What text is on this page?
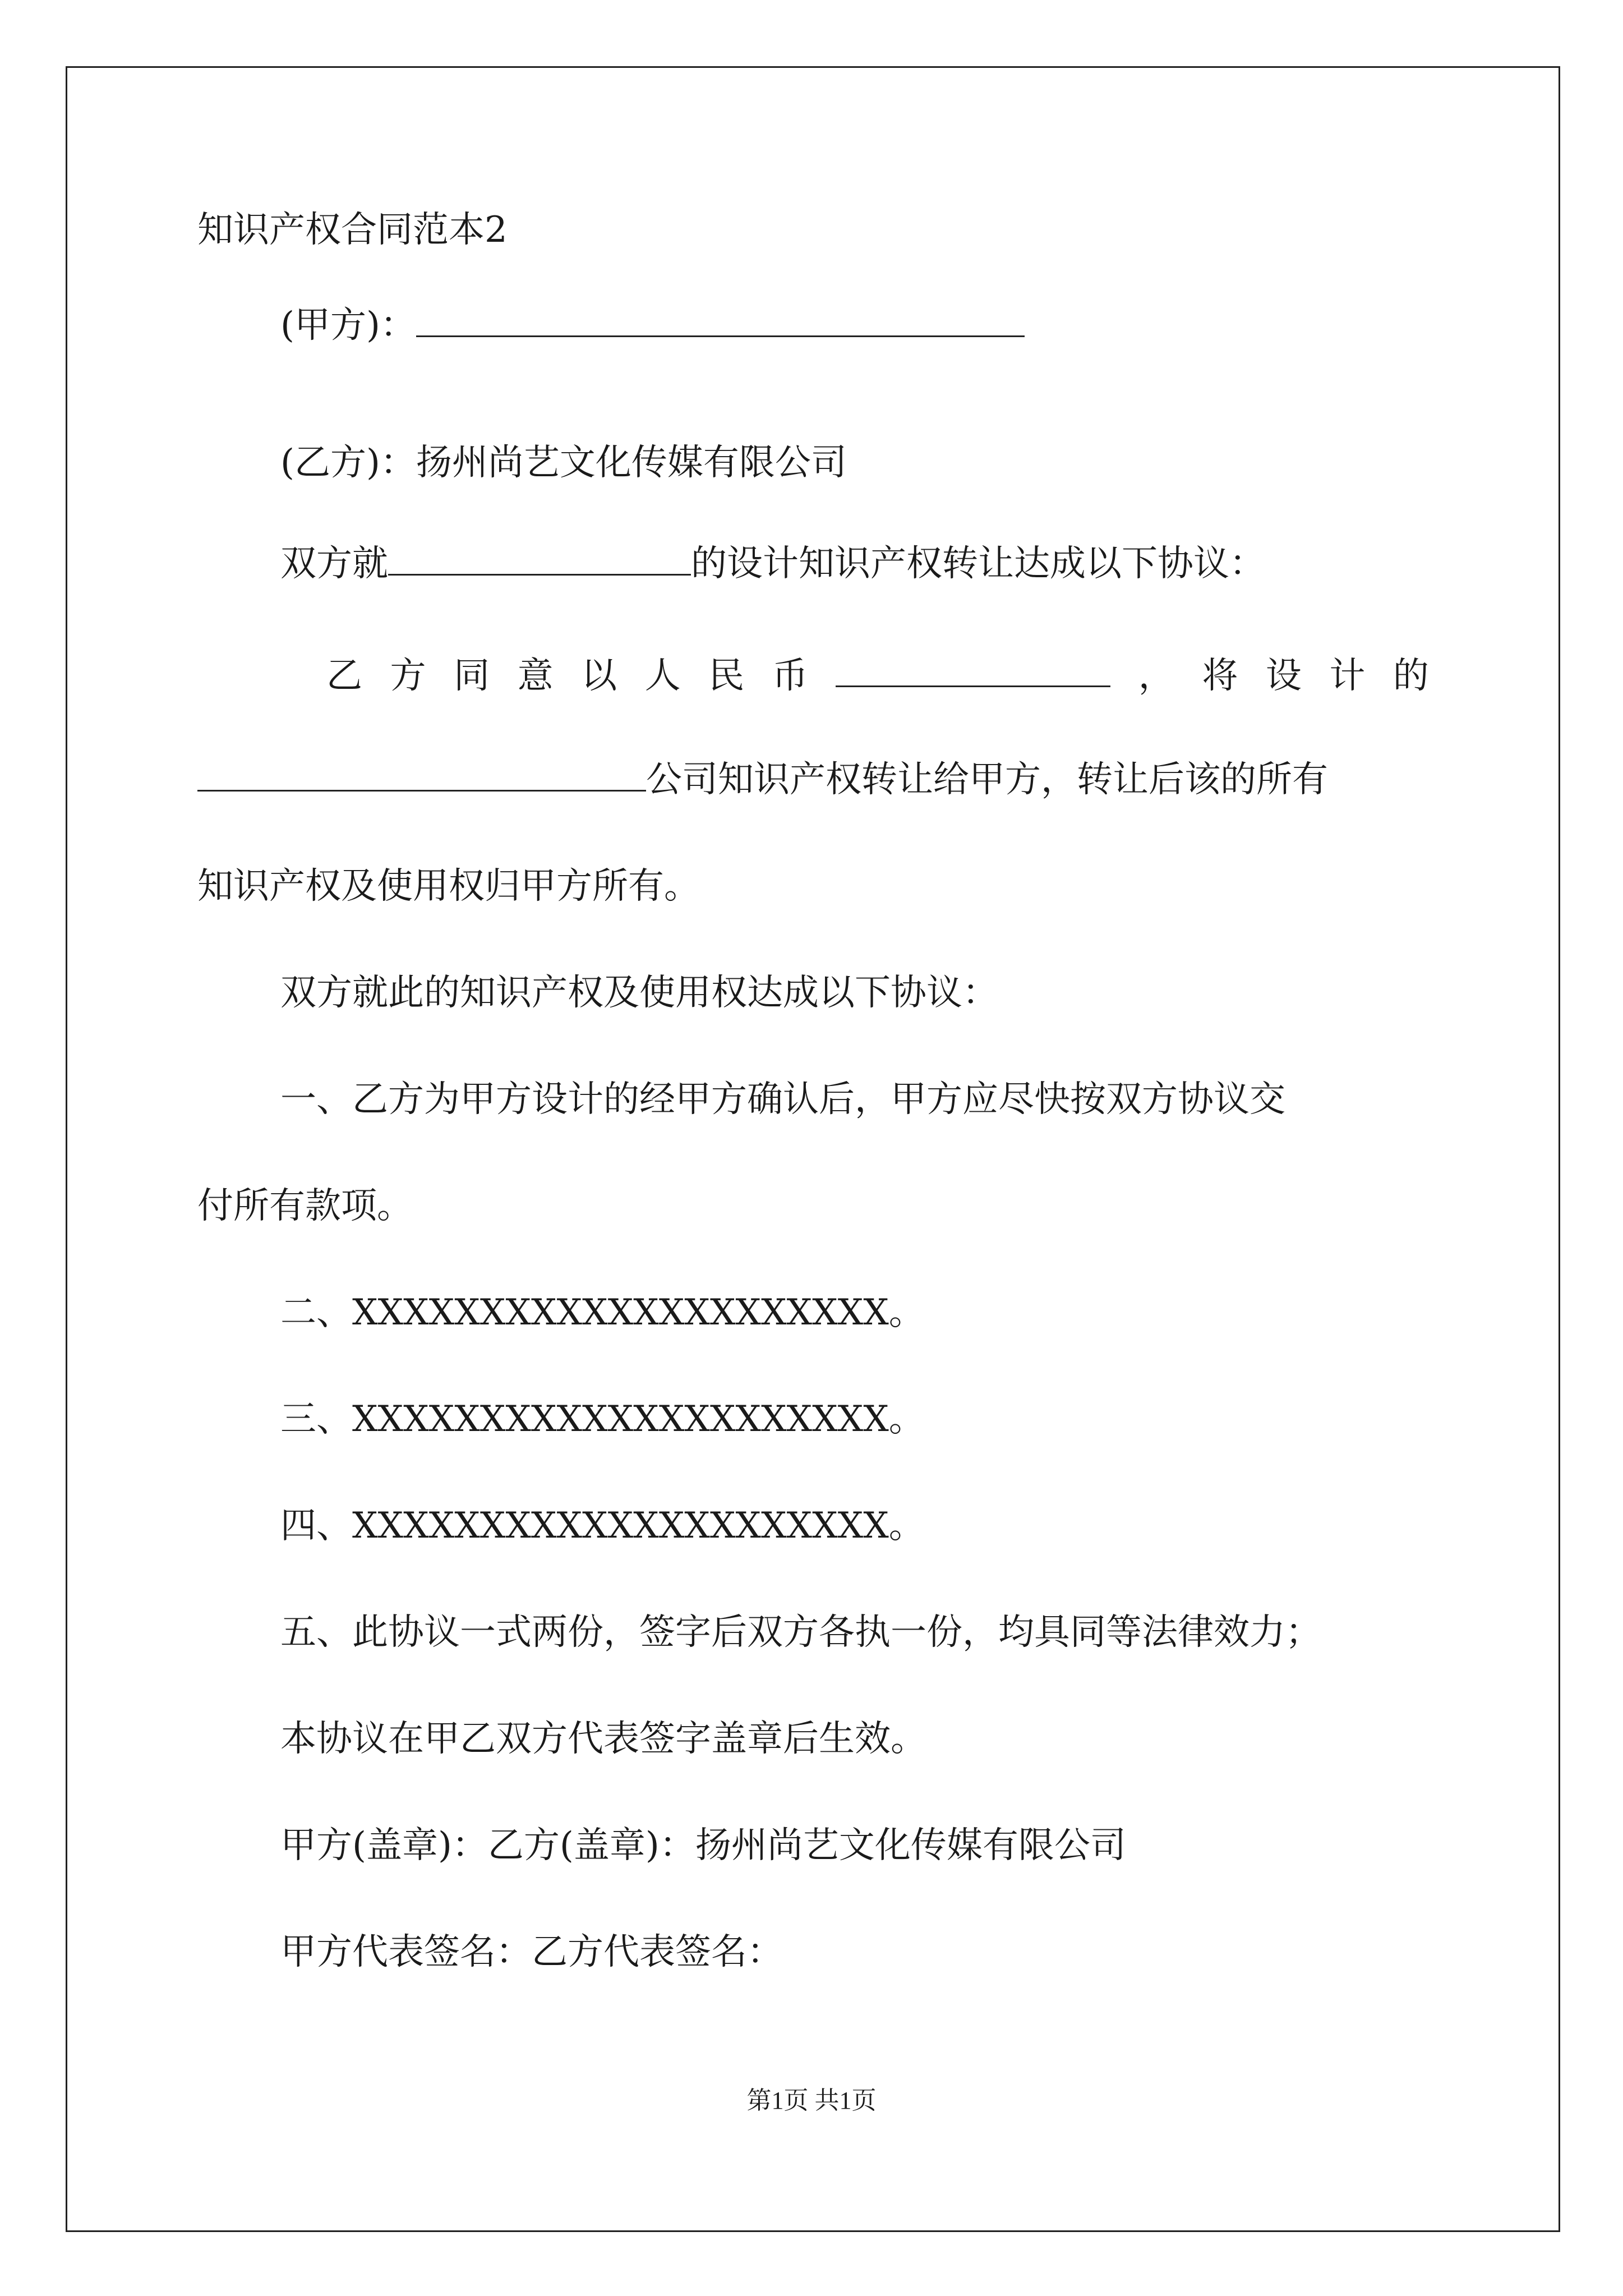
知识产权合同范本2
(甲方)：
(乙方)：扬州尚艺文化传媒有限公司
双方就	的设计知识产权转让达成以下协议：
乙 方 同 意 以 人 民 币	， 将 设 计 的
公司知识产权转让给甲方，转让后该的所有
知识产权及使用权归甲方所有。
双方就此的知识产权及使用权达成以下协议：
一、乙方为甲方设计的经甲方确认后，甲方应尽快按双方协议交
付所有款项。
二、XXXXXXXXXXXXXXXXXXXXX。
三、XXXXXXXXXXXXXXXXXXXXX。
四、XXXXXXXXXXXXXXXXXXXXX。
五、此协议一式两份，签字后双方各执一份，均具同等法律效力；
本协议在甲乙双方代表签字盖章后生效。
甲方(盖章)：乙方(盖章)：扬州尚艺文化传媒有限公司
甲方代表签名：乙方代表签名：
第1页 共1页
